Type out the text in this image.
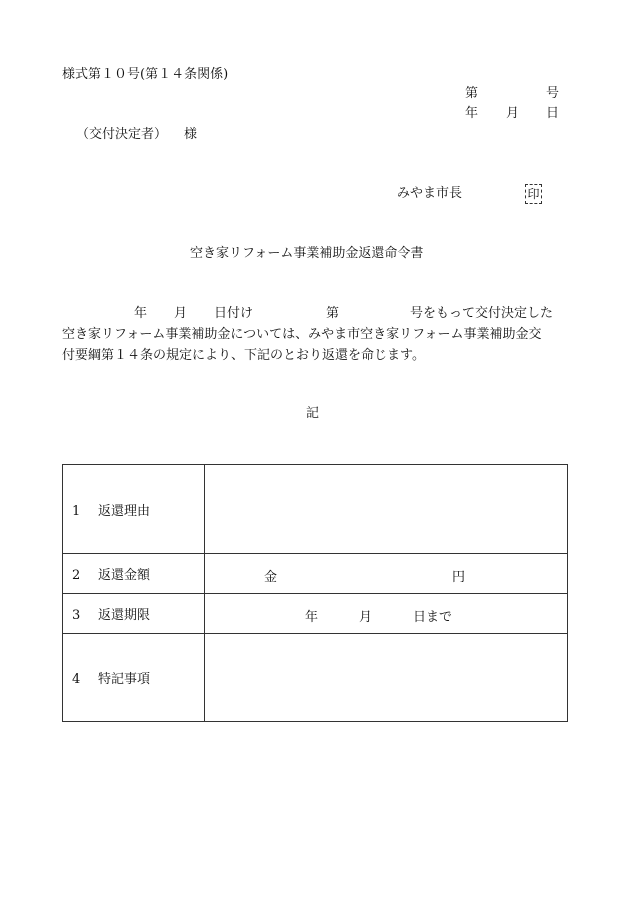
様式第１０号(第１４条関係)
第	号
年 月 日
（交付決定者） 様
みやま市長	印
空き家リフォーム事業補助金返還命令書
年 月 日付け	第	号をもって交付決定した
空き家リフォーム事業補助金については、みやま市空き家リフォーム事業補助金交
付要綱第１４条の規定により、下記のとおり返還を命じます。
記
1 返還理由	
2 返還金額	金 円

3 返還期限	年 月 日まで

4 特記事項	
